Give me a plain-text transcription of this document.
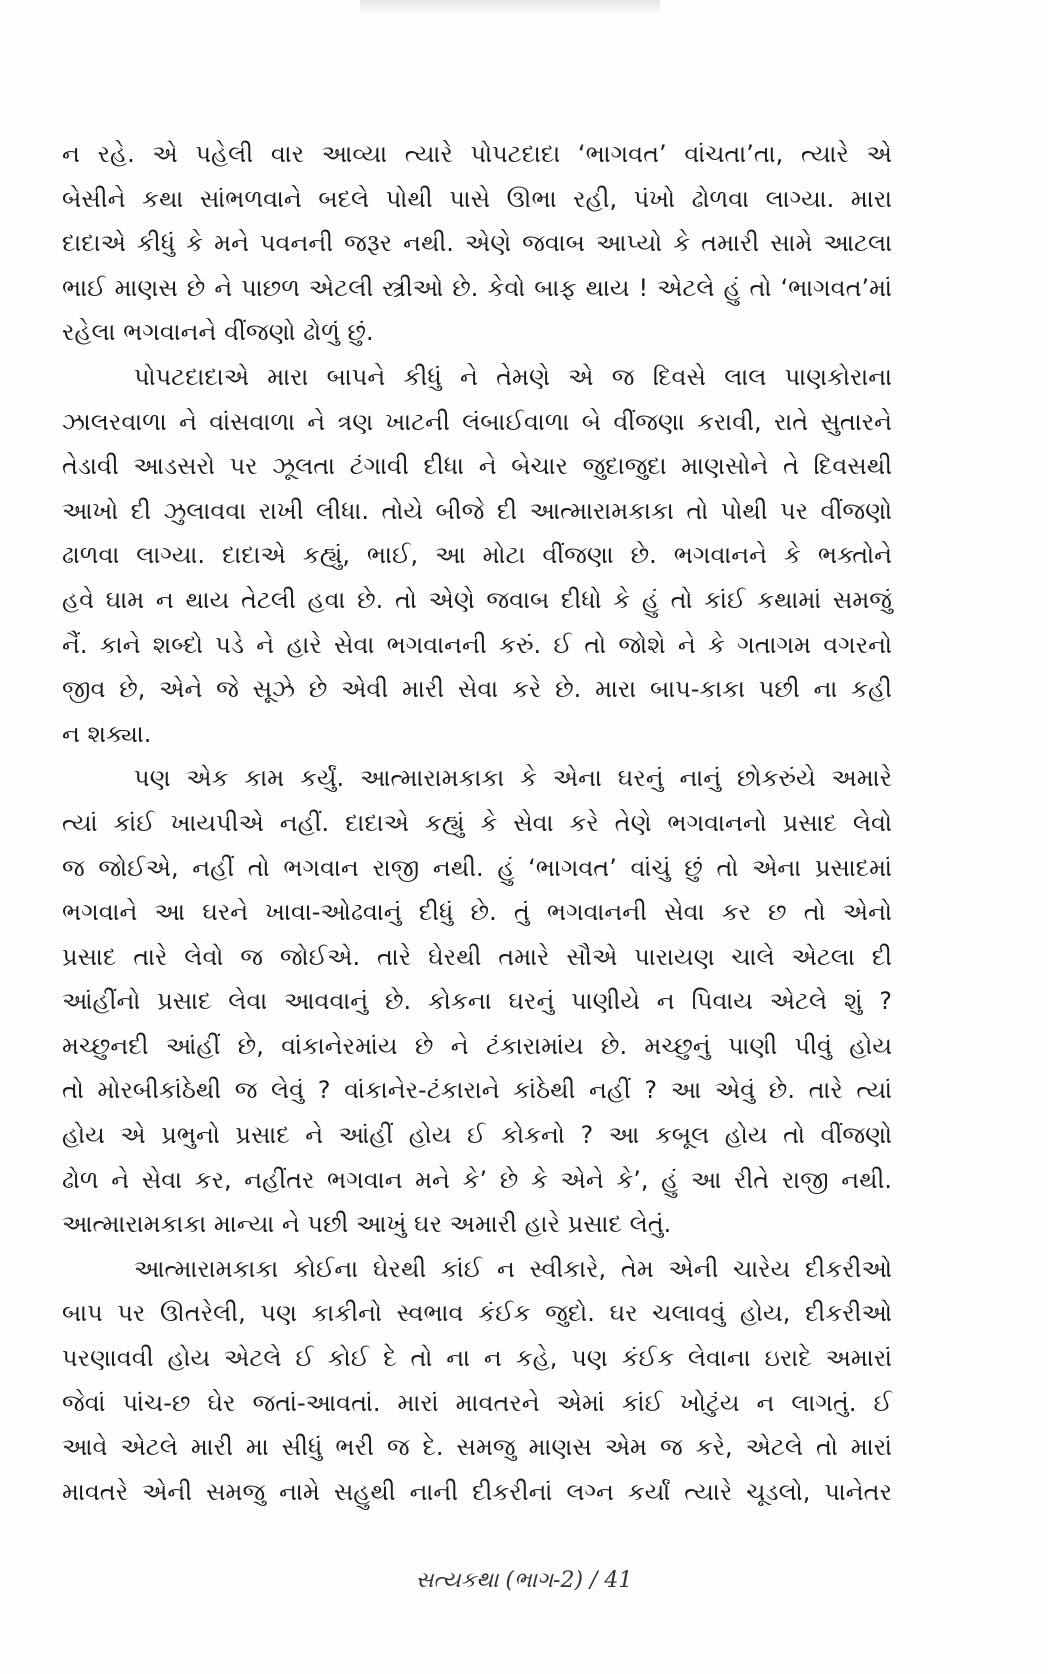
ન રહે. એ પહેલી વાર આવ્યા ત્યારે પોપટદાદા ‘ભાગવત’ વાંચતા’તા, ત્યારે એ
બેસીને કથા સાંભળવાને બદલે પોથી પાસે ઊભા રહી, પંખો ઢોળવા લાગ્યા. મારા
દાદાએ કીધું કે મને પવનની જરૂર નથી. એણે જવાબ આપ્યો કે તમારી સામે આટલા
ભાઈ માણસ છે ને પાછળ એટલી સ્ત્રીઓ છે. કેવો બાફ થાય ! એટલે હું તો ‘ભાગવત’માં
રહેલા ભગવાનને વીંજણો ઢોળું છું.
પોપટદાદાએ મારા બાપને કીધું ને તેમણે એ જ દિવસે લાલ પાણકોરાના
ઝાલરવાળા ને વાંસવાળા ને ત્રણ ખાટની લંબાઈવાળા બે વીંજણા કરાવી, રાતે સુતારને
તેડાવી આડસરો પર ઝૂલતા ટંગાવી દીધા ને બેચાર જુદાજુદા માણસોને તે દિવસથી
આખો દી ઝુલાવવા રાખી લીધા. તોયે બીજે દી આત્મારામકાકા તો પોથી પર વીંજણો
ઢાળવા લાગ્યા. દાદાએ કહ્યું, ભાઈ, આ મોટા વીંજણા છે. ભગવાનને કે ભક્તોને
હવે ઘામ ન થાય તેટલી હવા છે. તો એણે જવાબ દીધો કે હું તો કાંઈ કથામાં સમજું
નૈં. કાને શબ્દો પડે ને હારે સેવા ભગવાનની કરું. ઈ તો જોશે ને કે ગતાગમ વગરનો
જીવ છે, એને જે સૂઝે છે એવી મારી સેવા કરે છે. મારા બાપ-કાકા પછી ના કહી
ન શક્યા.
પણ એક કામ કર્યું. આત્મારામકાકા કે એના ઘરનું નાનું છોકરુંયે અમારે
ત્યાં કાંઈ ખાયપીએ નહીં. દાદાએ કહ્યું કે સેવા કરે તેણે ભગવાનનો પ્રસાદ લેવો
જ જોઈએ, નહીં તો ભગવાન રાજી નથી. હું ‘ભાગવત’ વાંચું છું તો એના પ્રસાદમાં
ભગવાને આ ઘરને ખાવા-ઓઢવાનું દીધું છે. તું ભગવાનની સેવા કર છ તો એનો
પ્રસાદ તારે લેવો જ જોઈએ. તારે ઘેરથી તમારે સૌએ પારાયણ ચાલે એટલા દી
આંહીંનો પ્રસાદ લેવા આવવાનું છે. કોકના ઘરનું પાણીયે ન પિવાય એટલે શું ?
મચ્છુનદી આંહીં છે, વાંકાનેરમાંય છે ને ટંકારામાંય છે. મચ્છુનું પાણી પીવું હોય
તો મોરબીકાંઠેથી જ લેવું ? વાંકાનેર-ટંકારાને કાંઠેથી નહીં ? આ એવું છે. તારે ત્યાં
હોય એ પ્રભુનો પ્રસાદ ને આંહીં હોય ઈ કોકનો ? આ કબૂલ હોય તો વીંજણો
ઢોળ ને સેવા કર, નહીંતર ભગવાન મને કે’ છે કે એને કે’, હું આ રીતે રાજી નથી.
આત્મારામકાકા માન્યા ને પછી આખું ઘર અમારી હારે પ્રસાદ લેતું.
આત્મારામકાકા કોઈના ઘેરથી કાંઈ ન સ્વીકારે, તેમ એની ચારેય દીકરીઓ
બાપ પર ઊતરેલી, પણ કાકીનો સ્વભાવ કંઈક જુદો. ઘર ચલાવવું હોય, દીકરીઓ
પરણાવવી હોય એટલે ઈ કોઈ દે તો ના ન કહે, પણ કંઈક લેવાના ઇરાદે અમારાં
જેવાં પાંચ-છ ઘેર જતાં-આવતાં. મારાં માવતરને એમાં કાંઈ ખોટુંય ન લાગતું. ઈ
આવે એટલે મારી મા સીધું ભરી જ દે. સમજુ માણસ એમ જ કરે, એટલે તો મારાં
માવતરે એની સમજુ નામે સહુથી નાની દીકરીનાં લગ્ન કર્યાં ત્યારે ચૂડલો, પાનેતર

સત્યકથા (ભાગ-2) / 41
